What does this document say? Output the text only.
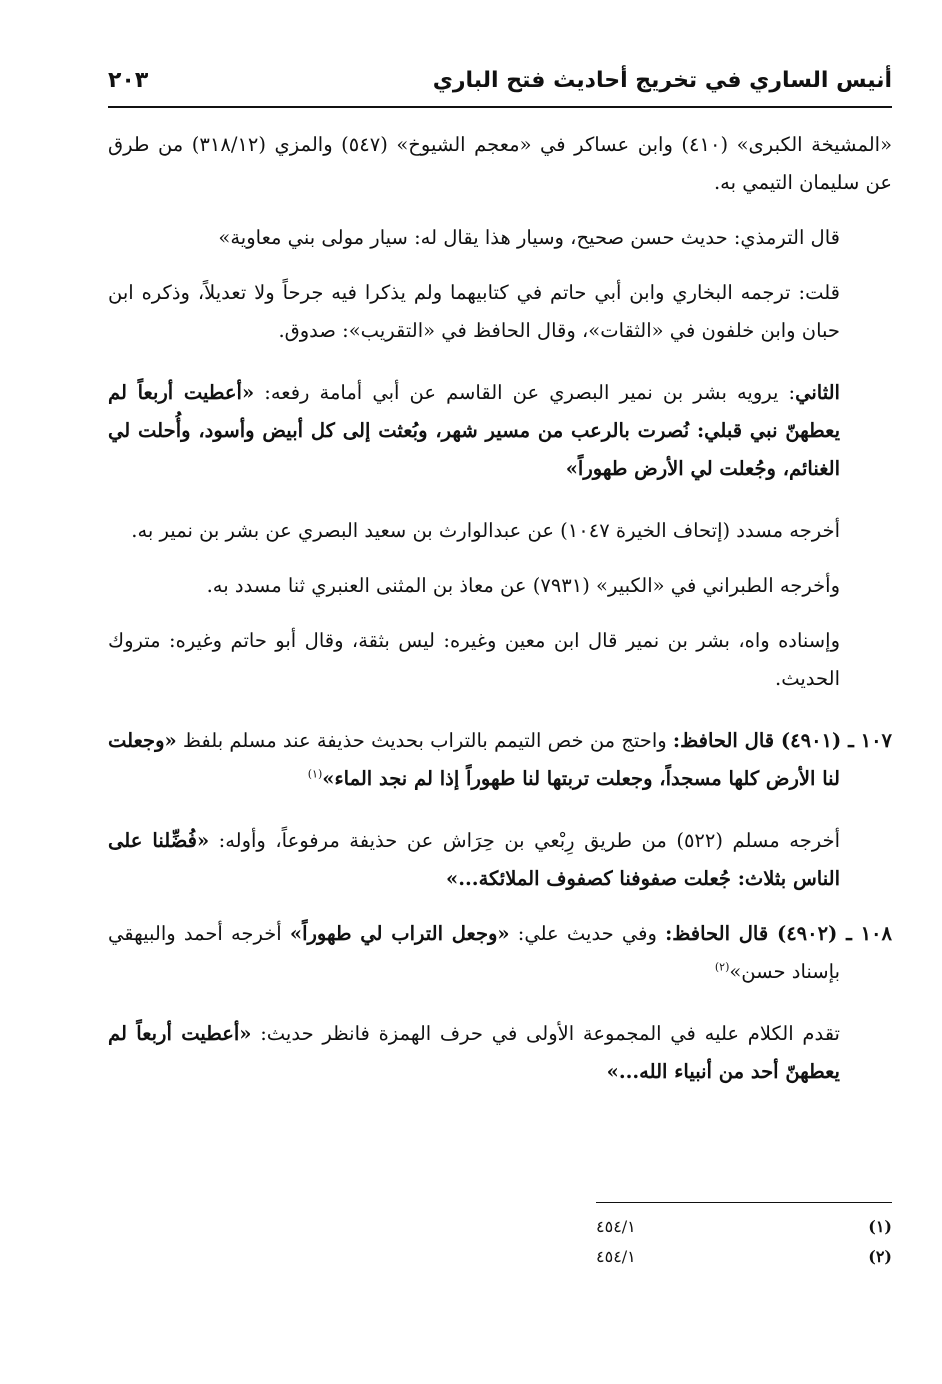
أنيس الساري في تخريج أحاديث فتح الباري
٢٠٣

«المشيخة الكبرى» (٤١٠) وابن عساكر في «معجم الشيوخ» (٥٤٧) والمزي (٣١٨/١٢) من طرق عن سليمان التيمي به.

قال الترمذي: حديث حسن صحيح، وسيار هذا يقال له: سيار مولى بني معاوية»

قلت: ترجمه البخاري وابن أبي حاتم في كتابيهما ولم يذكرا فيه جرحاً ولا تعديلاً، وذكره ابن حبان وابن خلفون في «الثقات»، وقال الحافظ في «التقريب»: صدوق.

الثاني: يرويه بشر بن نمير البصري عن القاسم عن أبي أمامة رفعه: «أعطيت أربعاً لم يعطهنّ نبي قبلي: نُصرت بالرعب من مسير شهر، وبُعثت إلى كل أبيض وأسود، وأُحلت لي الغنائم، وجُعلت لي الأرض طهوراً»

أخرجه مسدد (إتحاف الخيرة ١٠٤٧) عن عبدالوارث بن سعيد البصري عن بشر بن نمير به.

وأخرجه الطبراني في «الكبير» (٧٩٣١) عن معاذ بن المثنى العنبري ثنا مسدد به.

وإسناده واه، بشر بن نمير قال ابن معين وغيره: ليس بثقة، وقال أبو حاتم وغيره: متروك الحديث.

١٠٧ ـ (٤٩٠١) قال الحافظ: واحتج من خص التيمم بالتراب بحديث حذيفة عند مسلم بلفظ «وجعلت لنا الأرض كلها مسجداً، وجعلت تربتها لنا طهوراً إذا لم نجد الماء»$^{(١)}$

أخرجه مسلم (٥٢٢) من طريق رِبْعي بن حِرَاش عن حذيفة مرفوعاً، وأوله: «فُضِّلنا على الناس بثلاث: جُعلت صفوفنا كصفوف الملائكة...»

١٠٨ ـ (٤٩٠٢) قال الحافظ: وفي حديث علي: «وجعل التراب لي طهوراً» أخرجه أحمد والبيهقي بإسناد حسن»$^{(٢)}$

تقدم الكلام عليه في المجموعة الأولى في حرف الهمزة فانظر حديث: «أعطيت أربعاً لم يعطهنّ أحد من أنبياء الله...»

(١)
٤٥٤/١
(٢)
٤٥٤/١
